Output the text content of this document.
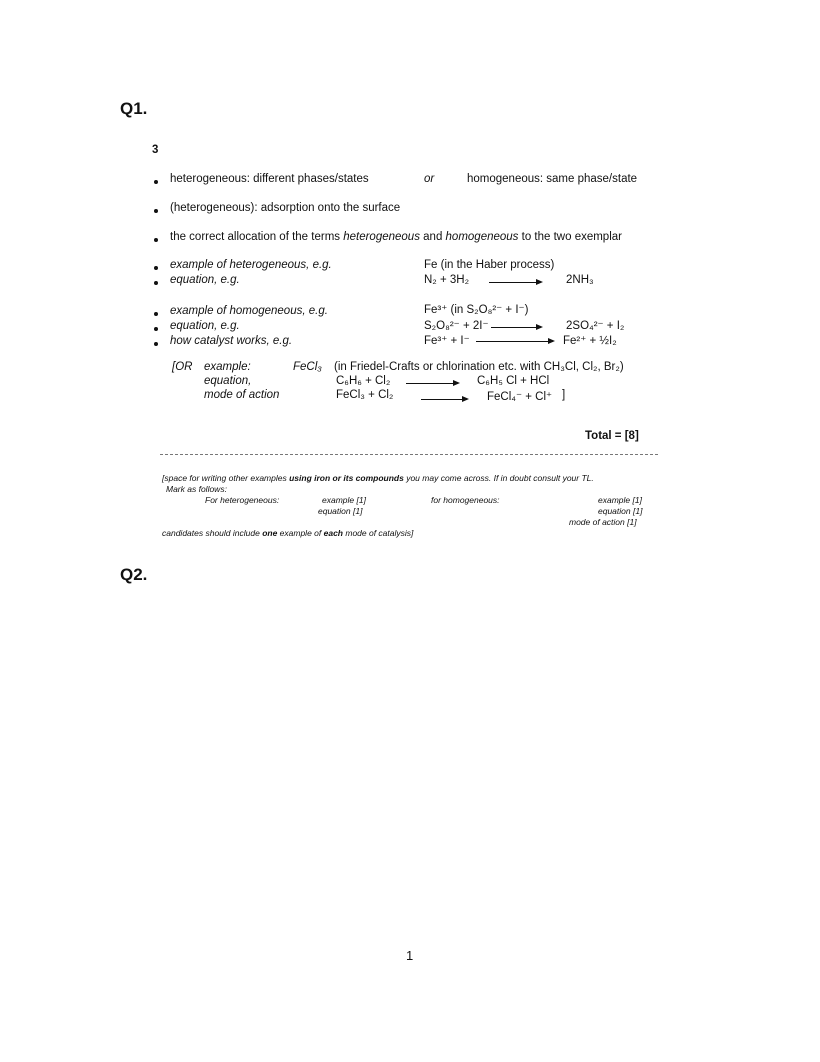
Q1.
3
heterogeneous: different phases/states	or	homogeneous: same phase/state
(heterogeneous): adsorption onto the surface
the correct allocation of the terms heterogeneous and homogeneous to the two exemplar
example of heterogeneous, e.g.	Fe (in the Haber process)
equation, e.g.	N₂ + 3H₂ → 2NH₃
example of homogeneous, e.g.	Fe³⁺ (in S₂O₈²⁻ + I⁻)
equation, e.g.	S₂O₈²⁻ + 2I⁻ → 2SO₄²⁻ + I₂
how catalyst works, e.g.	Fe³⁺ + I⁻	Fe²⁺ + ½I₂
[OR example:	FeCl₃ (in Friedel-Crafts or chlorination etc. with CH₃Cl, Cl₂, Br₂)
equation,	C₆H₆ + Cl₂ → C₆H₅ Cl + HCl
mode of action	FeCl₃ + Cl₂ → FeCl₄⁻ + Cl⁺ ]
Total = [8]
[space for writing other examples using iron or its compounds you may come across. If in doubt consult your TL.
Mark as follows:
For heterogeneous:	example [1]
equation [1]
for homogeneous:	example [1]
equation [1]
mode of action [1]
candidates should include one example of each mode of catalysis]
Q2.
1
